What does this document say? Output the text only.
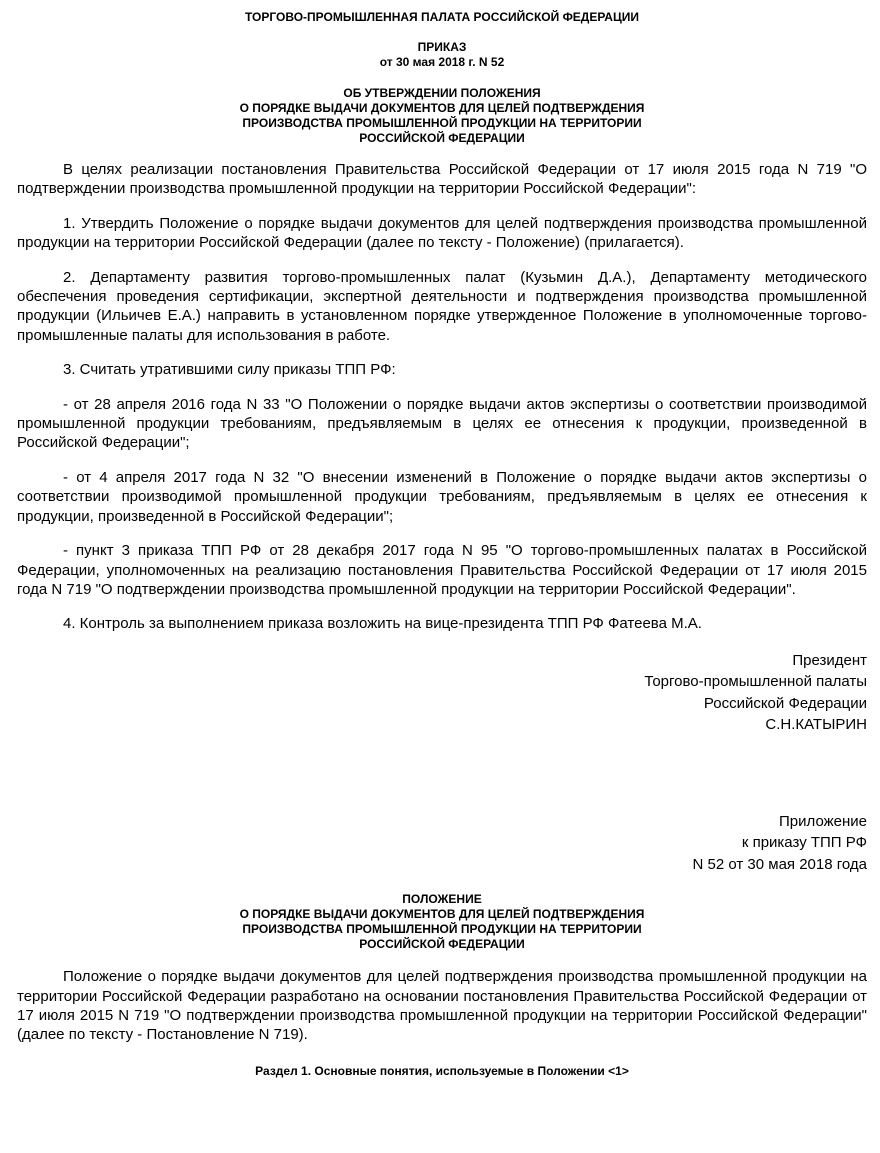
ТОРГОВО-ПРОМЫШЛЕННАЯ ПАЛАТА РОССИЙСКОЙ ФЕДЕРАЦИИ
ПРИКАЗ
от 30 мая 2018 г. N 52
ОБ УТВЕРЖДЕНИИ ПОЛОЖЕНИЯ
О ПОРЯДКЕ ВЫДАЧИ ДОКУМЕНТОВ ДЛЯ ЦЕЛЕЙ ПОДТВЕРЖДЕНИЯ
ПРОИЗВОДСТВА ПРОМЫШЛЕННОЙ ПРОДУКЦИИ НА ТЕРРИТОРИИ
РОССИЙСКОЙ ФЕДЕРАЦИИ

В целях реализации постановления Правительства Российской Федерации от 17 июля 2015 года N 719 "О подтверждении производства промышленной продукции на территории Российской Федерации":

1. Утвердить Положение о порядке выдачи документов для целей подтверждения производства промышленной продукции на территории Российской Федерации (далее по тексту - Положение) (прилагается).

2. Департаменту развития торгово-промышленных палат (Кузьмин Д.А.), Департаменту методического обеспечения проведения сертификации, экспертной деятельности и подтверждения производства промышленной продукции (Ильичев Е.А.) направить в установленном порядке утвержденное Положение в уполномоченные торгово-промышленные палаты для использования в работе.

3. Считать утратившими силу приказы ТПП РФ:

- от 28 апреля 2016 года N 33 "О Положении о порядке выдачи актов экспертизы о соответствии производимой промышленной продукции требованиям, предъявляемым в целях ее отнесения к продукции, произведенной в Российской Федерации";

- от 4 апреля 2017 года N 32 "О внесении изменений в Положение о порядке выдачи актов экспертизы о соответствии производимой промышленной продукции требованиям, предъявляемым в целях ее отнесения к продукции, произведенной в Российской Федерации";

- пункт 3 приказа ТПП РФ от 28 декабря 2017 года N 95 "О торгово-промышленных палатах в Российской Федерации, уполномоченных на реализацию постановления Правительства Российской Федерации от 17 июля 2015 года N 719 "О подтверждении производства промышленной продукции на территории Российской Федерации".

4. Контроль за выполнением приказа возложить на вице-президента ТПП РФ Фатеева М.А.

Президент
Торгово-промышленной палаты
Российской Федерации
С.Н.КАТЫРИН
Приложение
к приказу ТПП РФ
N 52 от 30 мая 2018 года
ПОЛОЖЕНИЕ
О ПОРЯДКЕ ВЫДАЧИ ДОКУМЕНТОВ ДЛЯ ЦЕЛЕЙ ПОДТВЕРЖДЕНИЯ
ПРОИЗВОДСТВА ПРОМЫШЛЕННОЙ ПРОДУКЦИИ НА ТЕРРИТОРИИ
РОССИЙСКОЙ ФЕДЕРАЦИИ

Положение о порядке выдачи документов для целей подтверждения производства промышленной продукции на территории Российской Федерации разработано на основании постановления Правительства Российской Федерации от 17 июля 2015 N 719 "О подтверждении производства промышленной продукции на территории Российской Федерации" (далее по тексту - Постановление N 719).

Раздел 1. Основные понятия, используемые в Положении <1>
